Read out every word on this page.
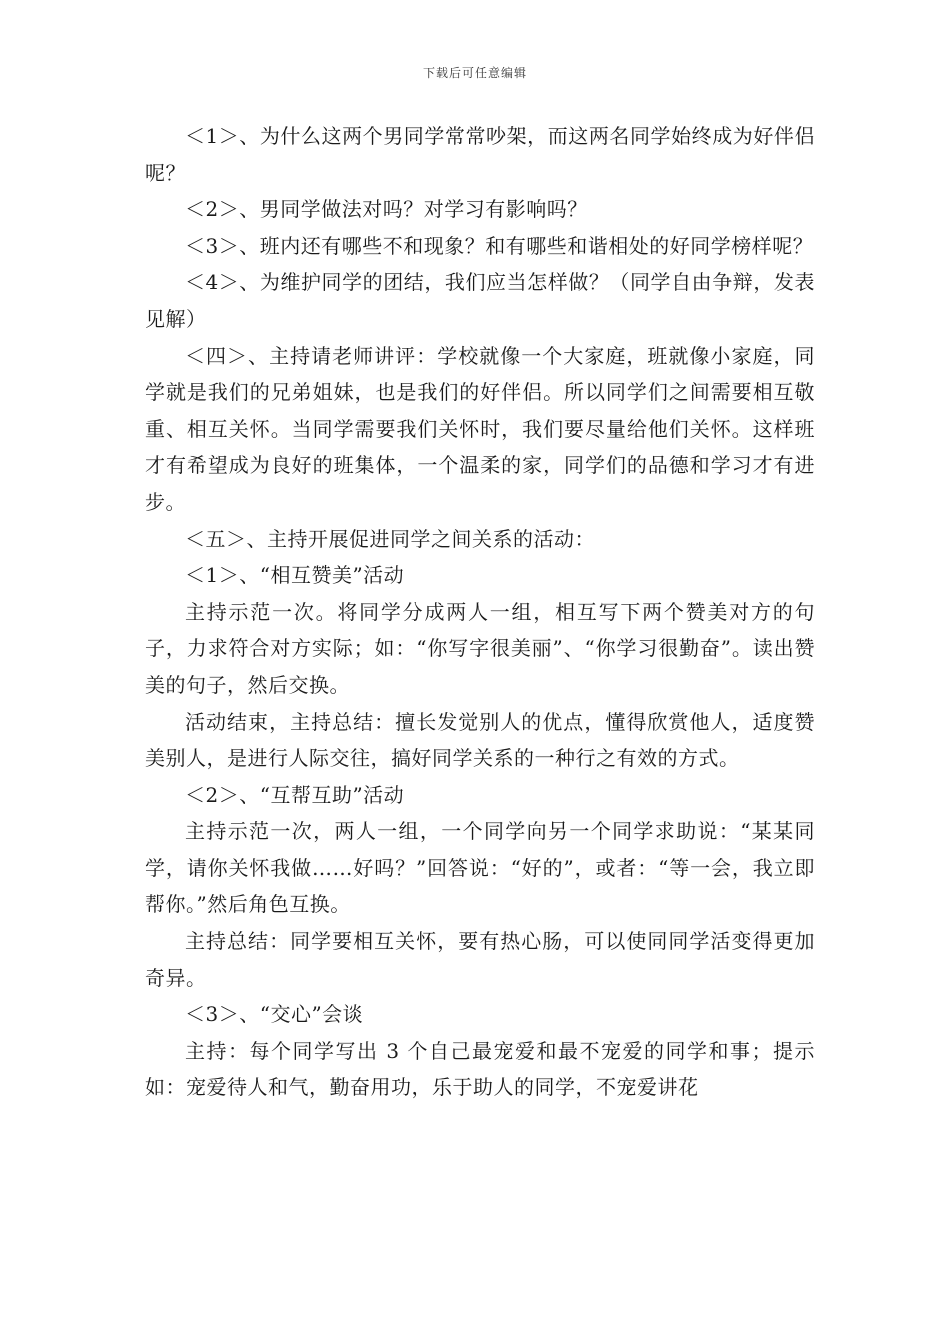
下载后可任意编辑

＜1＞、为什么这两个男同学常常吵架，而这两名同学始终成为好伴侣呢？

＜2＞、男同学做法对吗？对学习有影响吗？

＜3＞、班内还有哪些不和现象？和有哪些和谐相处的好同学榜样呢？

＜4＞、为维护同学的团结，我们应当怎样做？（同学自由争辩，发表见解）

＜四＞、主持请老师讲评：学校就像一个大家庭，班就像小家庭，同学就是我们的兄弟姐妹，也是我们的好伴侣。所以同学们之间需要相互敬重、相互关怀。当同学需要我们关怀时，我们要尽量给他们关怀。这样班才有希望成为良好的班集体，一个温柔的家，同学们的品德和学习才有进步。

＜五＞、主持开展促进同学之间关系的活动：

＜1＞、“相互赞美”活动

主持示范一次。将同学分成两人一组，相互写下两个赞美对方的句子，力求符合对方实际；如：“你写字很美丽”、“你学习很勤奋”。读出赞美的句子，然后交换。

活动结束，主持总结：擅长发觉别人的优点，懂得欣赏他人，适度赞美别人，是进行人际交往，搞好同学关系的一种行之有效的方式。

＜2＞、“互帮互助”活动

主持示范一次，两人一组，一个同学向另一个同学求助说：“某某同学，请你关怀我做……好吗？”回答说：“好的”，或者：“等一会，我立即帮你。”然后角色互换。

主持总结：同学要相互关怀，要有热心肠，可以使同同学活变得更加奇异。

＜3＞、“交心”会谈

主持：每个同学写出 3 个自己最宠爱和最不宠爱的同学和事；提示如：宠爱待人和气，勤奋用功，乐于助人的同学，不宠爱讲花
